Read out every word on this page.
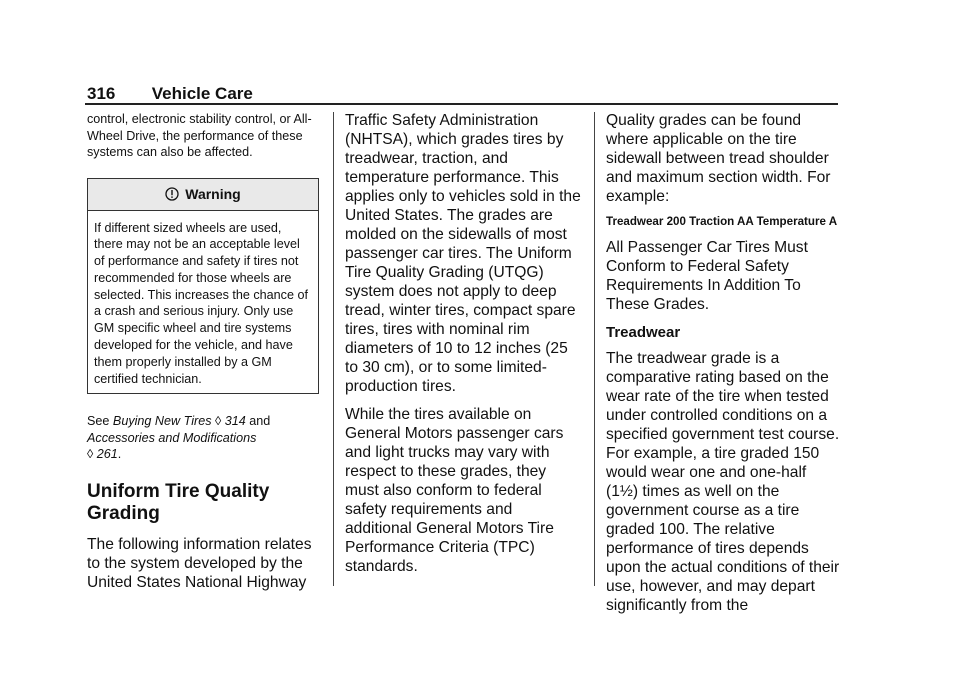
316 Vehicle Care

control, electronic stability control, or All-Wheel Drive, the performance of these systems can also be affected.

Warning

If different sized wheels are used, there may not be an acceptable level of performance and safety if tires not recommended for those wheels are selected. This increases the chance of a crash and serious injury. Only use GM specific wheel and tire systems developed for the vehicle, and have them properly installed by a GM certified technician.

See Buying New Tires ◊ 314 and
Accessories and Modifications
◊ 261.

Uniform Tire Quality Grading

The following information relates to the system developed by the United States National Highway

Traffic Safety Administration (NHTSA), which grades tires by treadwear, traction, and temperature performance. This applies only to vehicles sold in the United States. The grades are molded on the sidewalls of most passenger car tires. The Uniform Tire Quality Grading (UTQG) system does not apply to deep tread, winter tires, compact spare tires, tires with nominal rim diameters of 10 to 12 inches (25 to 30 cm), or to some limited-production tires.

While the tires available on General Motors passenger cars and light trucks may vary with respect to these grades, they must also conform to federal safety requirements and additional General Motors Tire Performance Criteria (TPC) standards.

Quality grades can be found where applicable on the tire sidewall between tread shoulder and maximum section width. For example:

Treadwear 200 Traction AA Temperature A

All Passenger Car Tires Must Conform to Federal Safety Requirements In Addition To These Grades.

Treadwear

The treadwear grade is a comparative rating based on the wear rate of the tire when tested under controlled conditions on a specified government test course. For example, a tire graded 150 would wear one and one-half (1½) times as well on the government course as a tire graded 100. The relative performance of tires depends upon the actual conditions of their use, however, and may depart significantly from the
